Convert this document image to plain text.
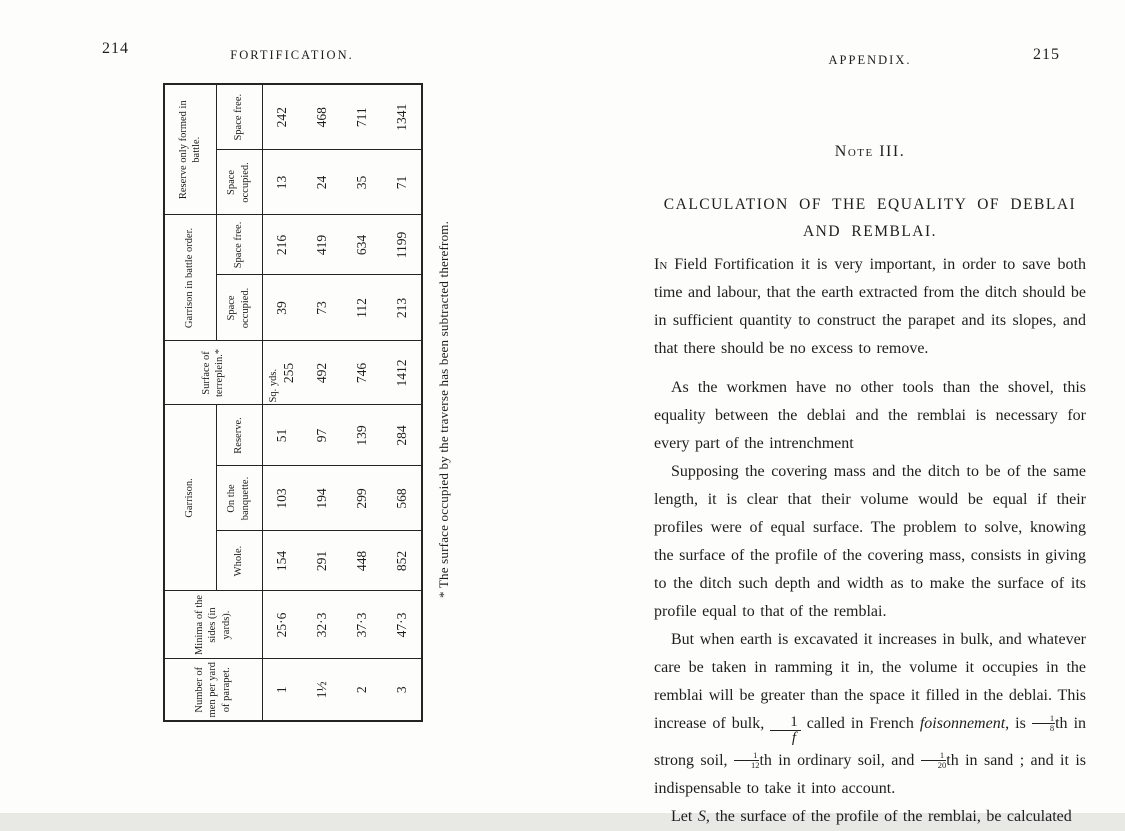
214	FORTIFICATION.
Number of men per yard of parapet.	Minima of the sides (in yards).	Garrison.			Surface of terreplein.*	Garrison in battle order.		Reserve only formed in battle.	
		Whole.	On the banquette.	Reserve.		Space occupied.	Space free.	Space occupied.	Space free.
1	25·6	154	103	51	Sq. yds. 255	39	216	13	242
1½	32·3	291	194	97	492	73	419	24	468
2	37·3	448	299	139	746	112	634	35	711
3	47·3	852	568	284	1412	213	1199	71	1341
* The surface occupied by the traverse has been subtracted therefrom.
APPENDIX.	215
Note III.
CALCULATION OF THE EQUALITY OF DEBLAI
AND REMBLAI.

In Field Fortification it is very important, in order to save both time and labour, that the earth extracted from the ditch should be in sufficient quantity to construct the parapet and its slopes, and that there should be no excess to remove.

As the workmen have no other tools than the shovel, this equality between the deblai and the remblai is necessary for every part of the intrenchment

Supposing the covering mass and the ditch to be of the same length, it is clear that their volume would be equal if their profiles were of equal surface. The problem to solve, knowing the surface of the profile of the covering mass, consists in giving to the ditch such depth and width as to make the surface of its profile equal to that of the remblai.

But when earth is excavated it increases in bulk, and whatever care be taken in ramming it in, the volume it occupies in the remblai will be greater than the space it filled in the deblai. This increase of bulk, $\frac{1}{f}$ called in French foisonnement, is $\frac{1}{8}$ th in strong soil, $\frac{1}{12}$ th in ordinary soil, and $\frac{1}{20}$ th in sand ; and it is indispensable to take it into account.

Let S, the surface of the profile of the remblai, be calculated
